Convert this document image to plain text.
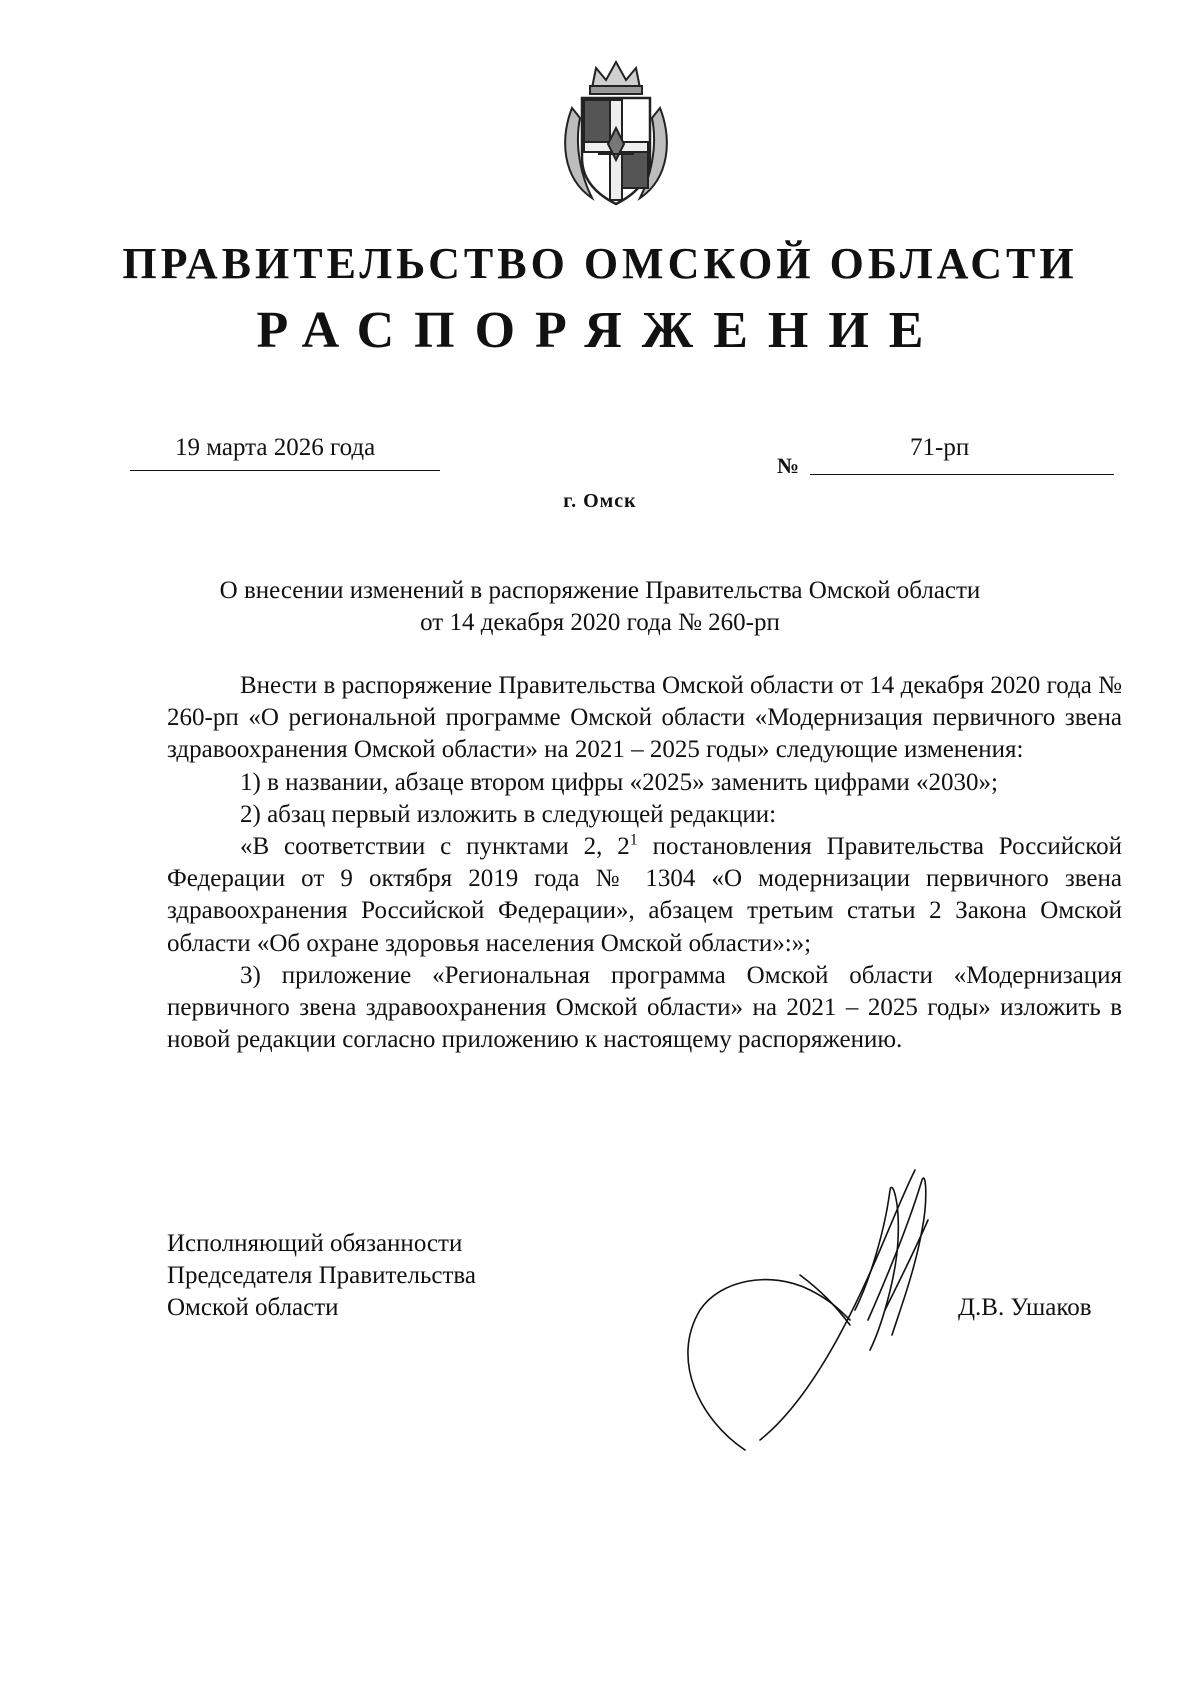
ПРАВИТЕЛЬСТВО ОМСКОЙ ОБЛАСТИ
РАСПОРЯЖЕНИЕ
19 марта 2026 года
№
71-рп
г. Омск
О внесении изменений в распоряжение Правительства Омской области
от 14 декабря 2020 года № 260-рп

Внести в распоряжение Правительства Омской области от 14 декабря 2020 года № 260-рп «О региональной программе Омской области «Модернизация первичного звена здравоохранения Омской области» на 2021 – 2025 годы» следующие изменения:

1) в названии, абзаце втором цифры «2025» заменить цифрами «2030»;

2) абзац первый изложить в следующей редакции:

«В соответствии с пунктами 2, $2^1$ постановления Правительства Российской Федерации от 9 октября 2019 года № 1304 «О модернизации первичного звена здравоохранения Российской Федерации», абзацем третьим статьи 2 Закона Омской области «Об охране здоровья населения Омской области»:»;

3) приложение «Региональная программа Омской области «Модернизация первичного звена здравоохранения Омской области» на 2021 – 2025 годы» изложить в новой редакции согласно приложению к настоящему распоряжению.

Исполняющий обязанности
Председателя Правительства
Омской области	Д.В. Ушаков
